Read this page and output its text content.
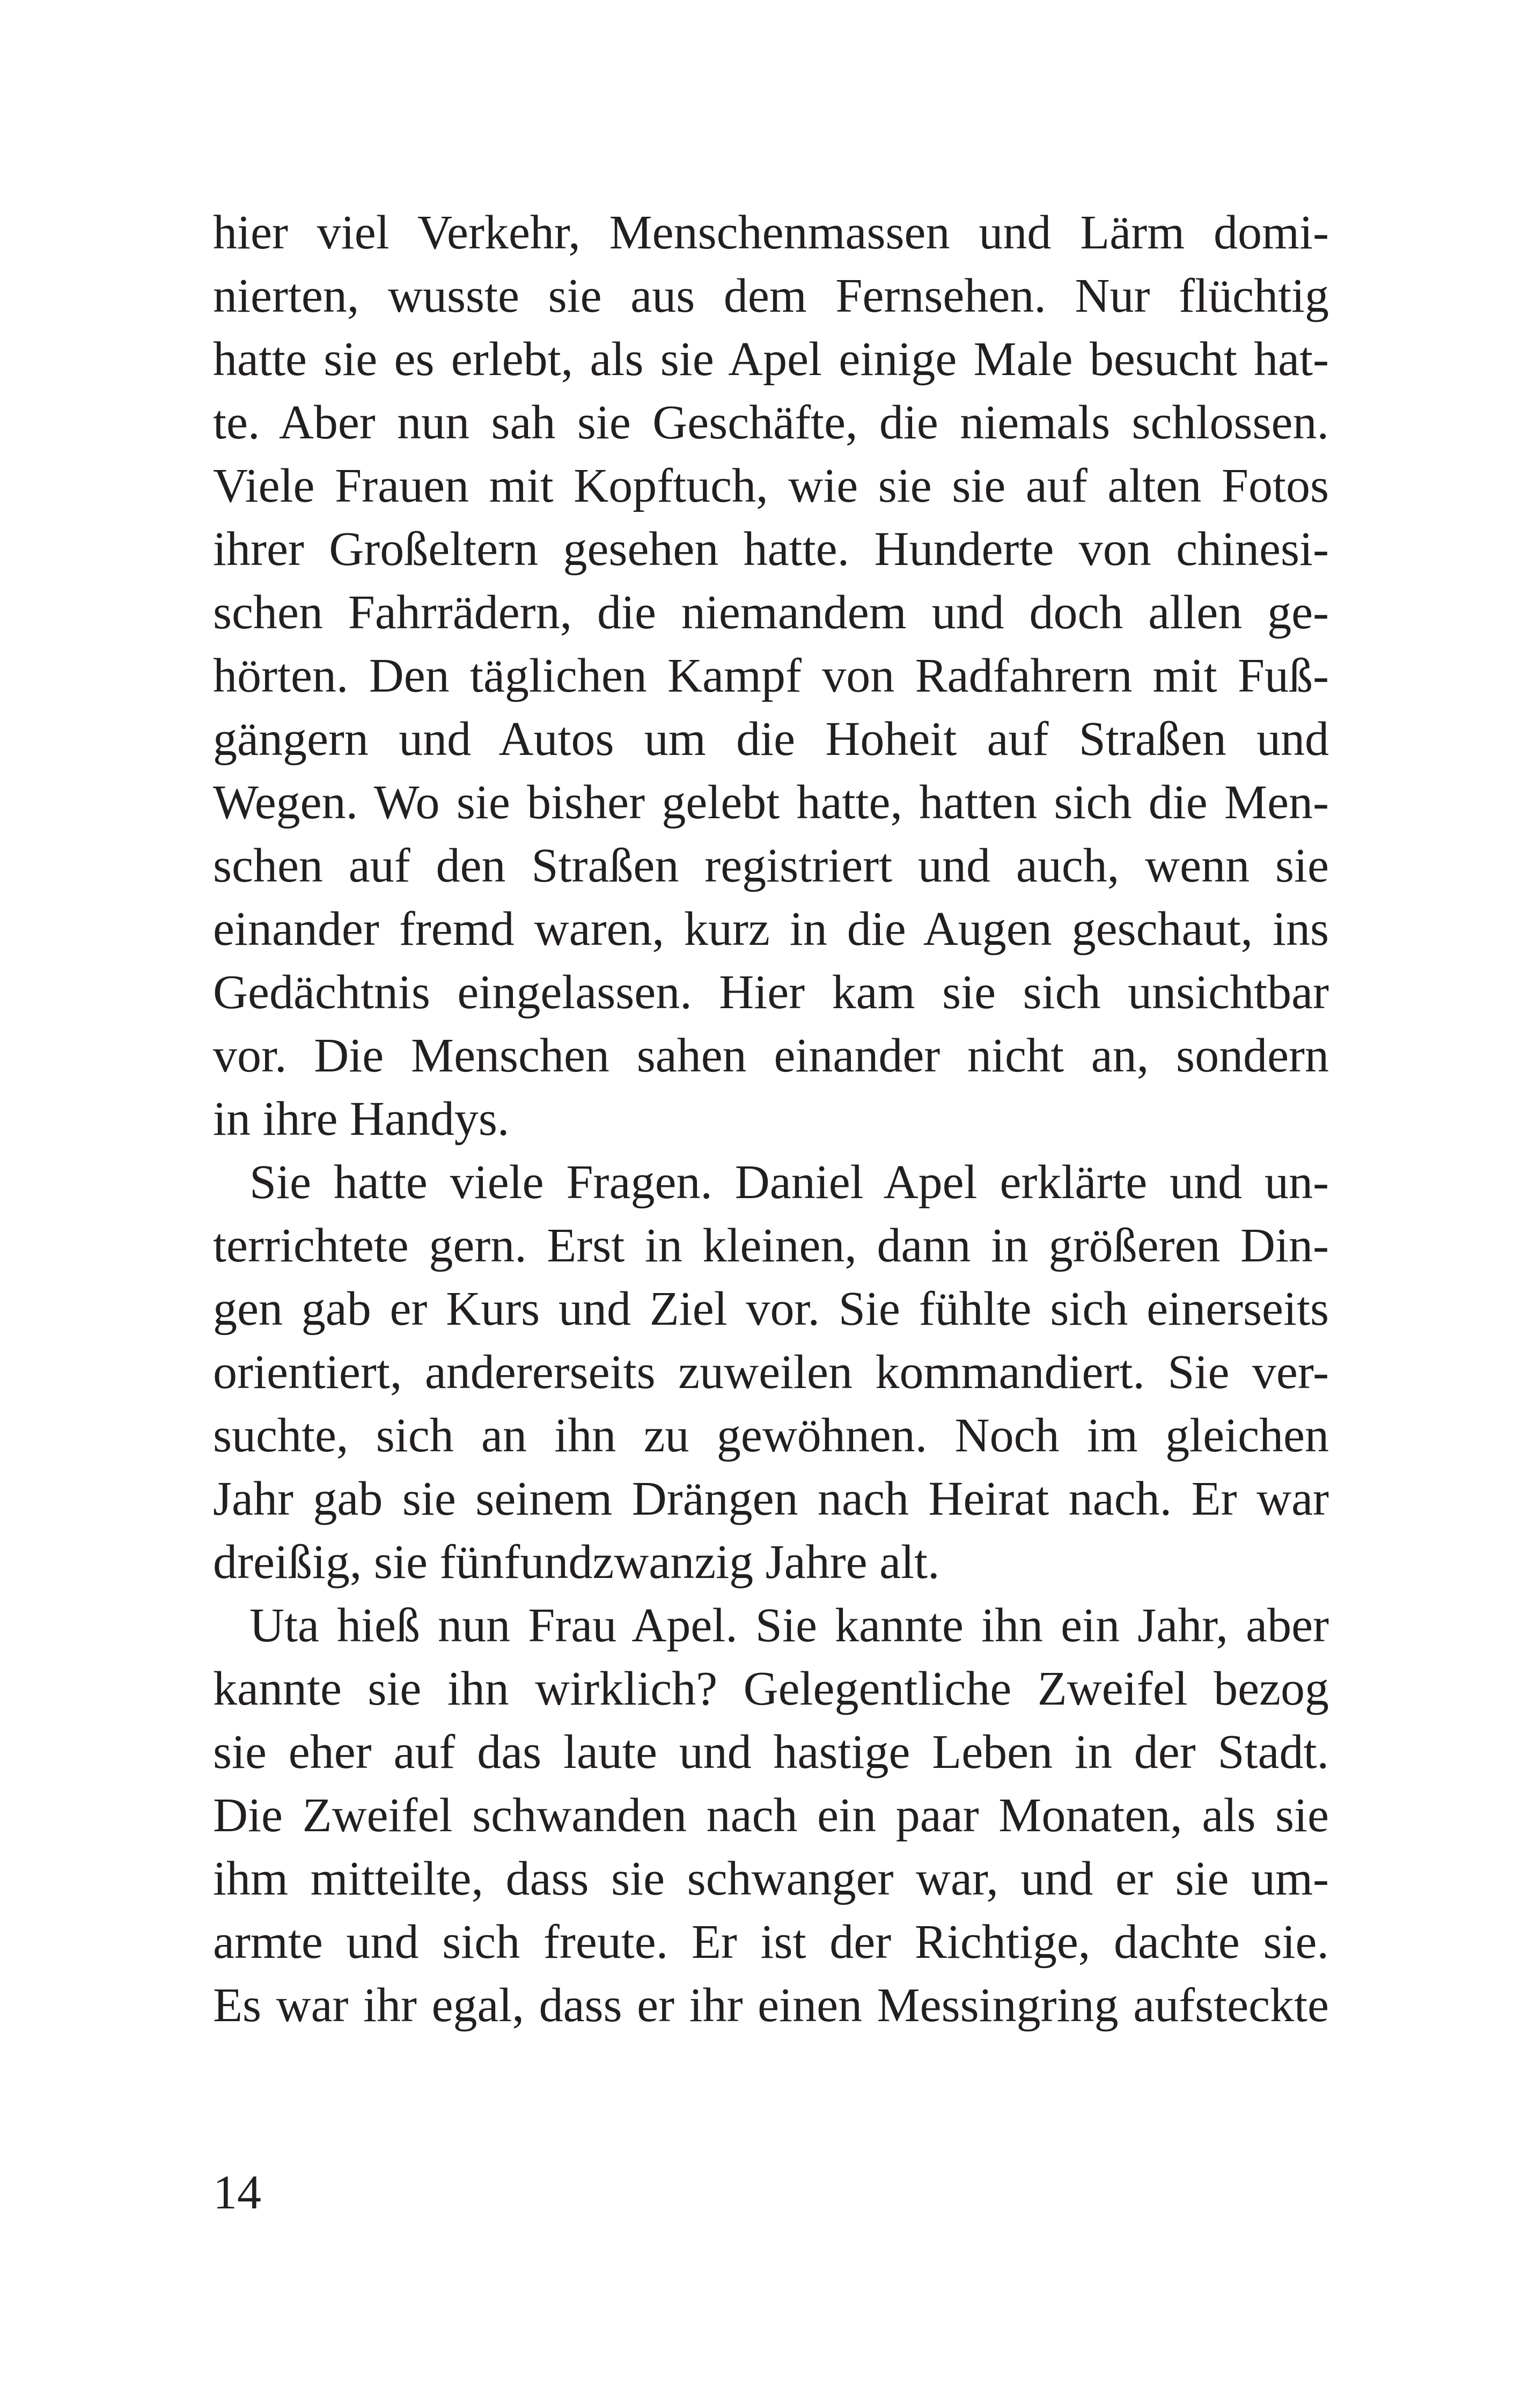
hier viel Verkehr, Menschenmassen und Lärm domi-
nierten, wusste sie aus dem Fernsehen. Nur flüchtig
hatte sie es erlebt, als sie Apel einige Male besucht hat-
te. Aber nun sah sie Geschäfte, die niemals schlossen.
Viele Frauen mit Kopftuch, wie sie sie auf alten Fotos
ihrer Großeltern gesehen hatte. Hunderte von chinesi-
schen Fahrrädern, die niemandem und doch allen ge-
hörten. Den täglichen Kampf von Radfahrern mit Fuß-
gängern und Autos um die Hoheit auf Straßen und
Wegen. Wo sie bisher gelebt hatte, hatten sich die Men-
schen auf den Straßen registriert und auch, wenn sie
einander fremd waren, kurz in die Augen geschaut, ins
Gedächtnis eingelassen. Hier kam sie sich unsichtbar
vor. Die Menschen sahen einander nicht an, sondern
in ihre Handys.
Sie hatte viele Fragen. Daniel Apel erklärte und un-
terrichtete gern. Erst in kleinen, dann in größeren Din-
gen gab er Kurs und Ziel vor. Sie fühlte sich einerseits
orientiert, andererseits zuweilen kommandiert. Sie ver-
suchte, sich an ihn zu gewöhnen. Noch im gleichen
Jahr gab sie seinem Drängen nach Heirat nach. Er war
dreißig, sie fünfundzwanzig Jahre alt.
Uta hieß nun Frau Apel. Sie kannte ihn ein Jahr, aber
kannte sie ihn wirklich? Gelegentliche Zweifel bezog
sie eher auf das laute und hastige Leben in der Stadt.
Die Zweifel schwanden nach ein paar Monaten, als sie
ihm mitteilte, dass sie schwanger war, und er sie um-
armte und sich freute. Er ist der Richtige, dachte sie.
Es war ihr egal, dass er ihr einen Messingring aufsteckte
14
